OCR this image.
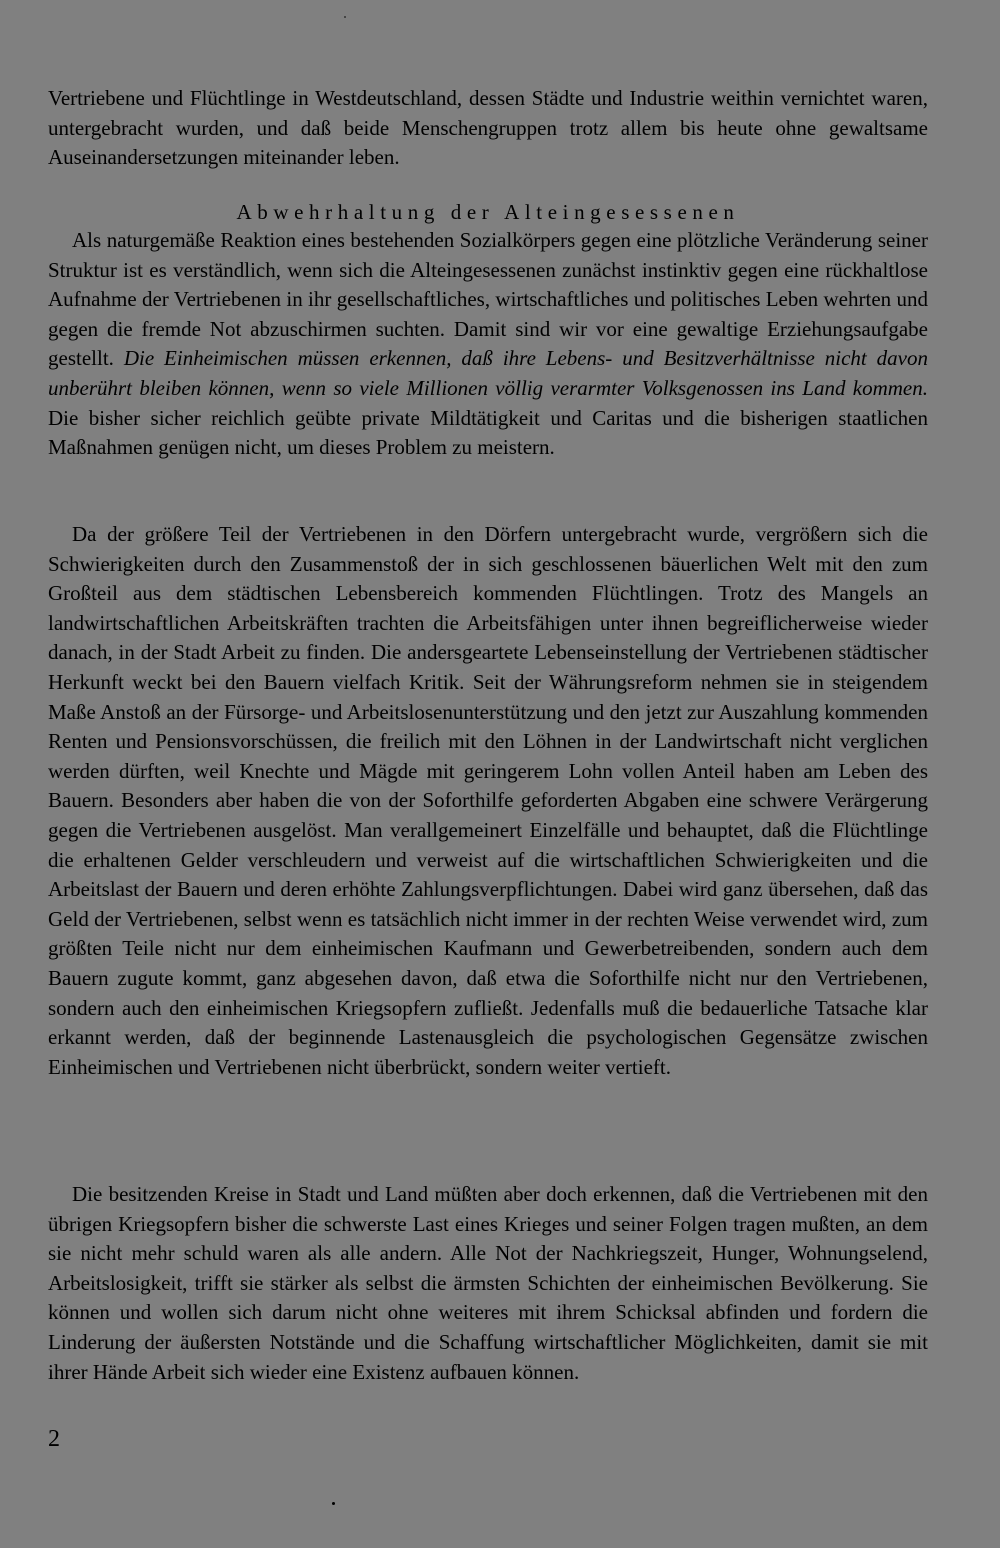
Vertriebene und Flüchtlinge in Westdeutschland, dessen Städte und Industrie weithin vernichtet waren, untergebracht wurden, und daß beide Menschengruppen trotz allem bis heute ohne gewaltsame Auseinandersetzungen miteinander leben.

Abwehrhaltung der Alteingesessenen

Als naturgemäße Reaktion eines bestehenden Sozialkörpers gegen eine plötzliche Veränderung seiner Struktur ist es verständlich, wenn sich die Alteingesessenen zunächst instinktiv gegen eine rückhaltlose Aufnahme der Vertriebenen in ihr gesellschaftliches, wirtschaftliches und politisches Leben wehrten und gegen die fremde Not abzuschirmen suchten. Damit sind wir vor eine gewaltige Erziehungsaufgabe gestellt. Die Einheimischen müssen erkennen, daß ihre Lebens- und Besitzverhältnisse nicht davon unberührt bleiben können, wenn so viele Millionen völlig verarmter Volksgenossen ins Land kommen. Die bisher sicher reichlich geübte private Mildtätigkeit und Caritas und die bisherigen staatlichen Maßnahmen genügen nicht, um dieses Problem zu meistern.

Da der größere Teil der Vertriebenen in den Dörfern untergebracht wurde, vergrößern sich die Schwierigkeiten durch den Zusammenstoß der in sich geschlossenen bäuerlichen Welt mit den zum Großteil aus dem städtischen Lebensbereich kommenden Flüchtlingen. Trotz des Mangels an landwirtschaftlichen Arbeitskräften trachten die Arbeitsfähigen unter ihnen begreiflicherweise wieder danach, in der Stadt Arbeit zu finden. Die andersgeartete Lebenseinstellung der Vertriebenen städtischer Herkunft weckt bei den Bauern vielfach Kritik. Seit der Währungsreform nehmen sie in steigendem Maße Anstoß an der Fürsorge- und Arbeitslosenunterstützung und den jetzt zur Auszahlung kommenden Renten und Pensionsvorschüssen, die freilich mit den Löhnen in der Landwirtschaft nicht verglichen werden dürften, weil Knechte und Mägde mit geringerem Lohn vollen Anteil haben am Leben des Bauern. Besonders aber haben die von der Soforthilfe geforderten Abgaben eine schwere Verärgerung gegen die Vertriebenen ausgelöst. Man verallgemeinert Einzelfälle und behauptet, daß die Flüchtlinge die erhaltenen Gelder verschleudern und verweist auf die wirtschaftlichen Schwierigkeiten und die Arbeitslast der Bauern und deren erhöhte Zahlungsverpflichtungen. Dabei wird ganz übersehen, daß das Geld der Vertriebenen, selbst wenn es tatsächlich nicht immer in der rechten Weise verwendet wird, zum größten Teile nicht nur dem einheimischen Kaufmann und Gewerbetreibenden, sondern auch dem Bauern zugute kommt, ganz abgesehen davon, daß etwa die Soforthilfe nicht nur den Vertriebenen, sondern auch den einheimischen Kriegsopfern zufließt. Jedenfalls muß die bedauerliche Tatsache klar erkannt werden, daß der beginnende Lastenausgleich die psychologischen Gegensätze zwischen Einheimischen und Vertriebenen nicht überbrückt, sondern weiter vertieft.

Die besitzenden Kreise in Stadt und Land müßten aber doch erkennen, daß die Vertriebenen mit den übrigen Kriegsopfern bisher die schwerste Last eines Krieges und seiner Folgen tragen mußten, an dem sie nicht mehr schuld waren als alle andern. Alle Not der Nachkriegszeit, Hunger, Wohnungselend, Arbeitslosigkeit, trifft sie stärker als selbst die ärmsten Schichten der einheimischen Bevölkerung. Sie können und wollen sich darum nicht ohne weiteres mit ihrem Schicksal abfinden und fordern die Linderung der äußersten Notstände und die Schaffung wirtschaftlicher Möglichkeiten, damit sie mit ihrer Hände Arbeit sich wieder eine Existenz aufbauen können.

2
